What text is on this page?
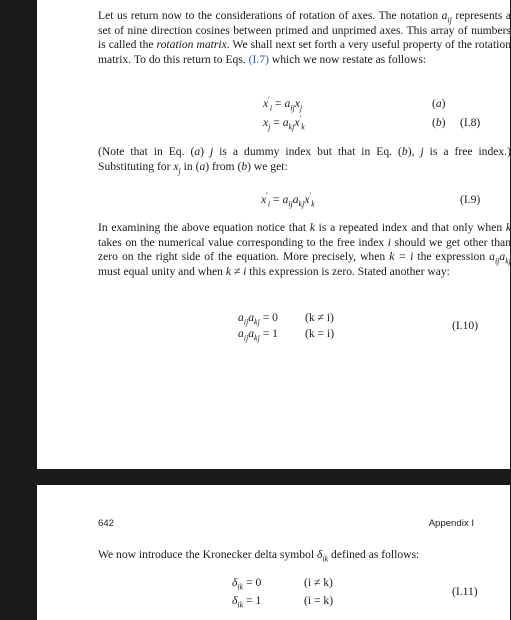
Let us return now to the considerations of rotation of axes. The notation $a_{ij}$ represents a set of nine direction cosines between primed and unprimed axes. This array of numbers is called the rotation matrix. We shall next set forth a very useful property of the rotation matrix. To do this return to Eqs. (I.7) which we now restate as follows:

$x'_i = a_{ij}x_j$	(a)
$x_j = a_{kj}x'_k$	(b) (I.8)

(Note that in Eq. (a) j is a dummy index but that in Eq. (b), j is a free index.) Substituting for $x_j$ in (a) from (b) we get:

$x'_i = a_{ij}a_{kj}x'_k$	(I.9)

In examining the above equation notice that k is a repeated index and that only when k takes on the numerical value corresponding to the free index i should we get other than zero on the right side of the equation. More precisely, when k = i the expression $a_{ij}a_{kj}$ must equal unity and when k ≠ i this expression is zero. Stated another way:

$a_{ij}a_{kj} = 0$ (k ≠ i)
$a_{ij}a_{kj} = 1$ (k = i)
(I.10)
642	Appendix I

We now introduce the Kronecker delta symbol $\delta_{ik}$ defined as follows:

$\delta_{ik} = 0$	(i ≠ k)
$\delta_{ik} = 1$	(i = k)
(I.11)
